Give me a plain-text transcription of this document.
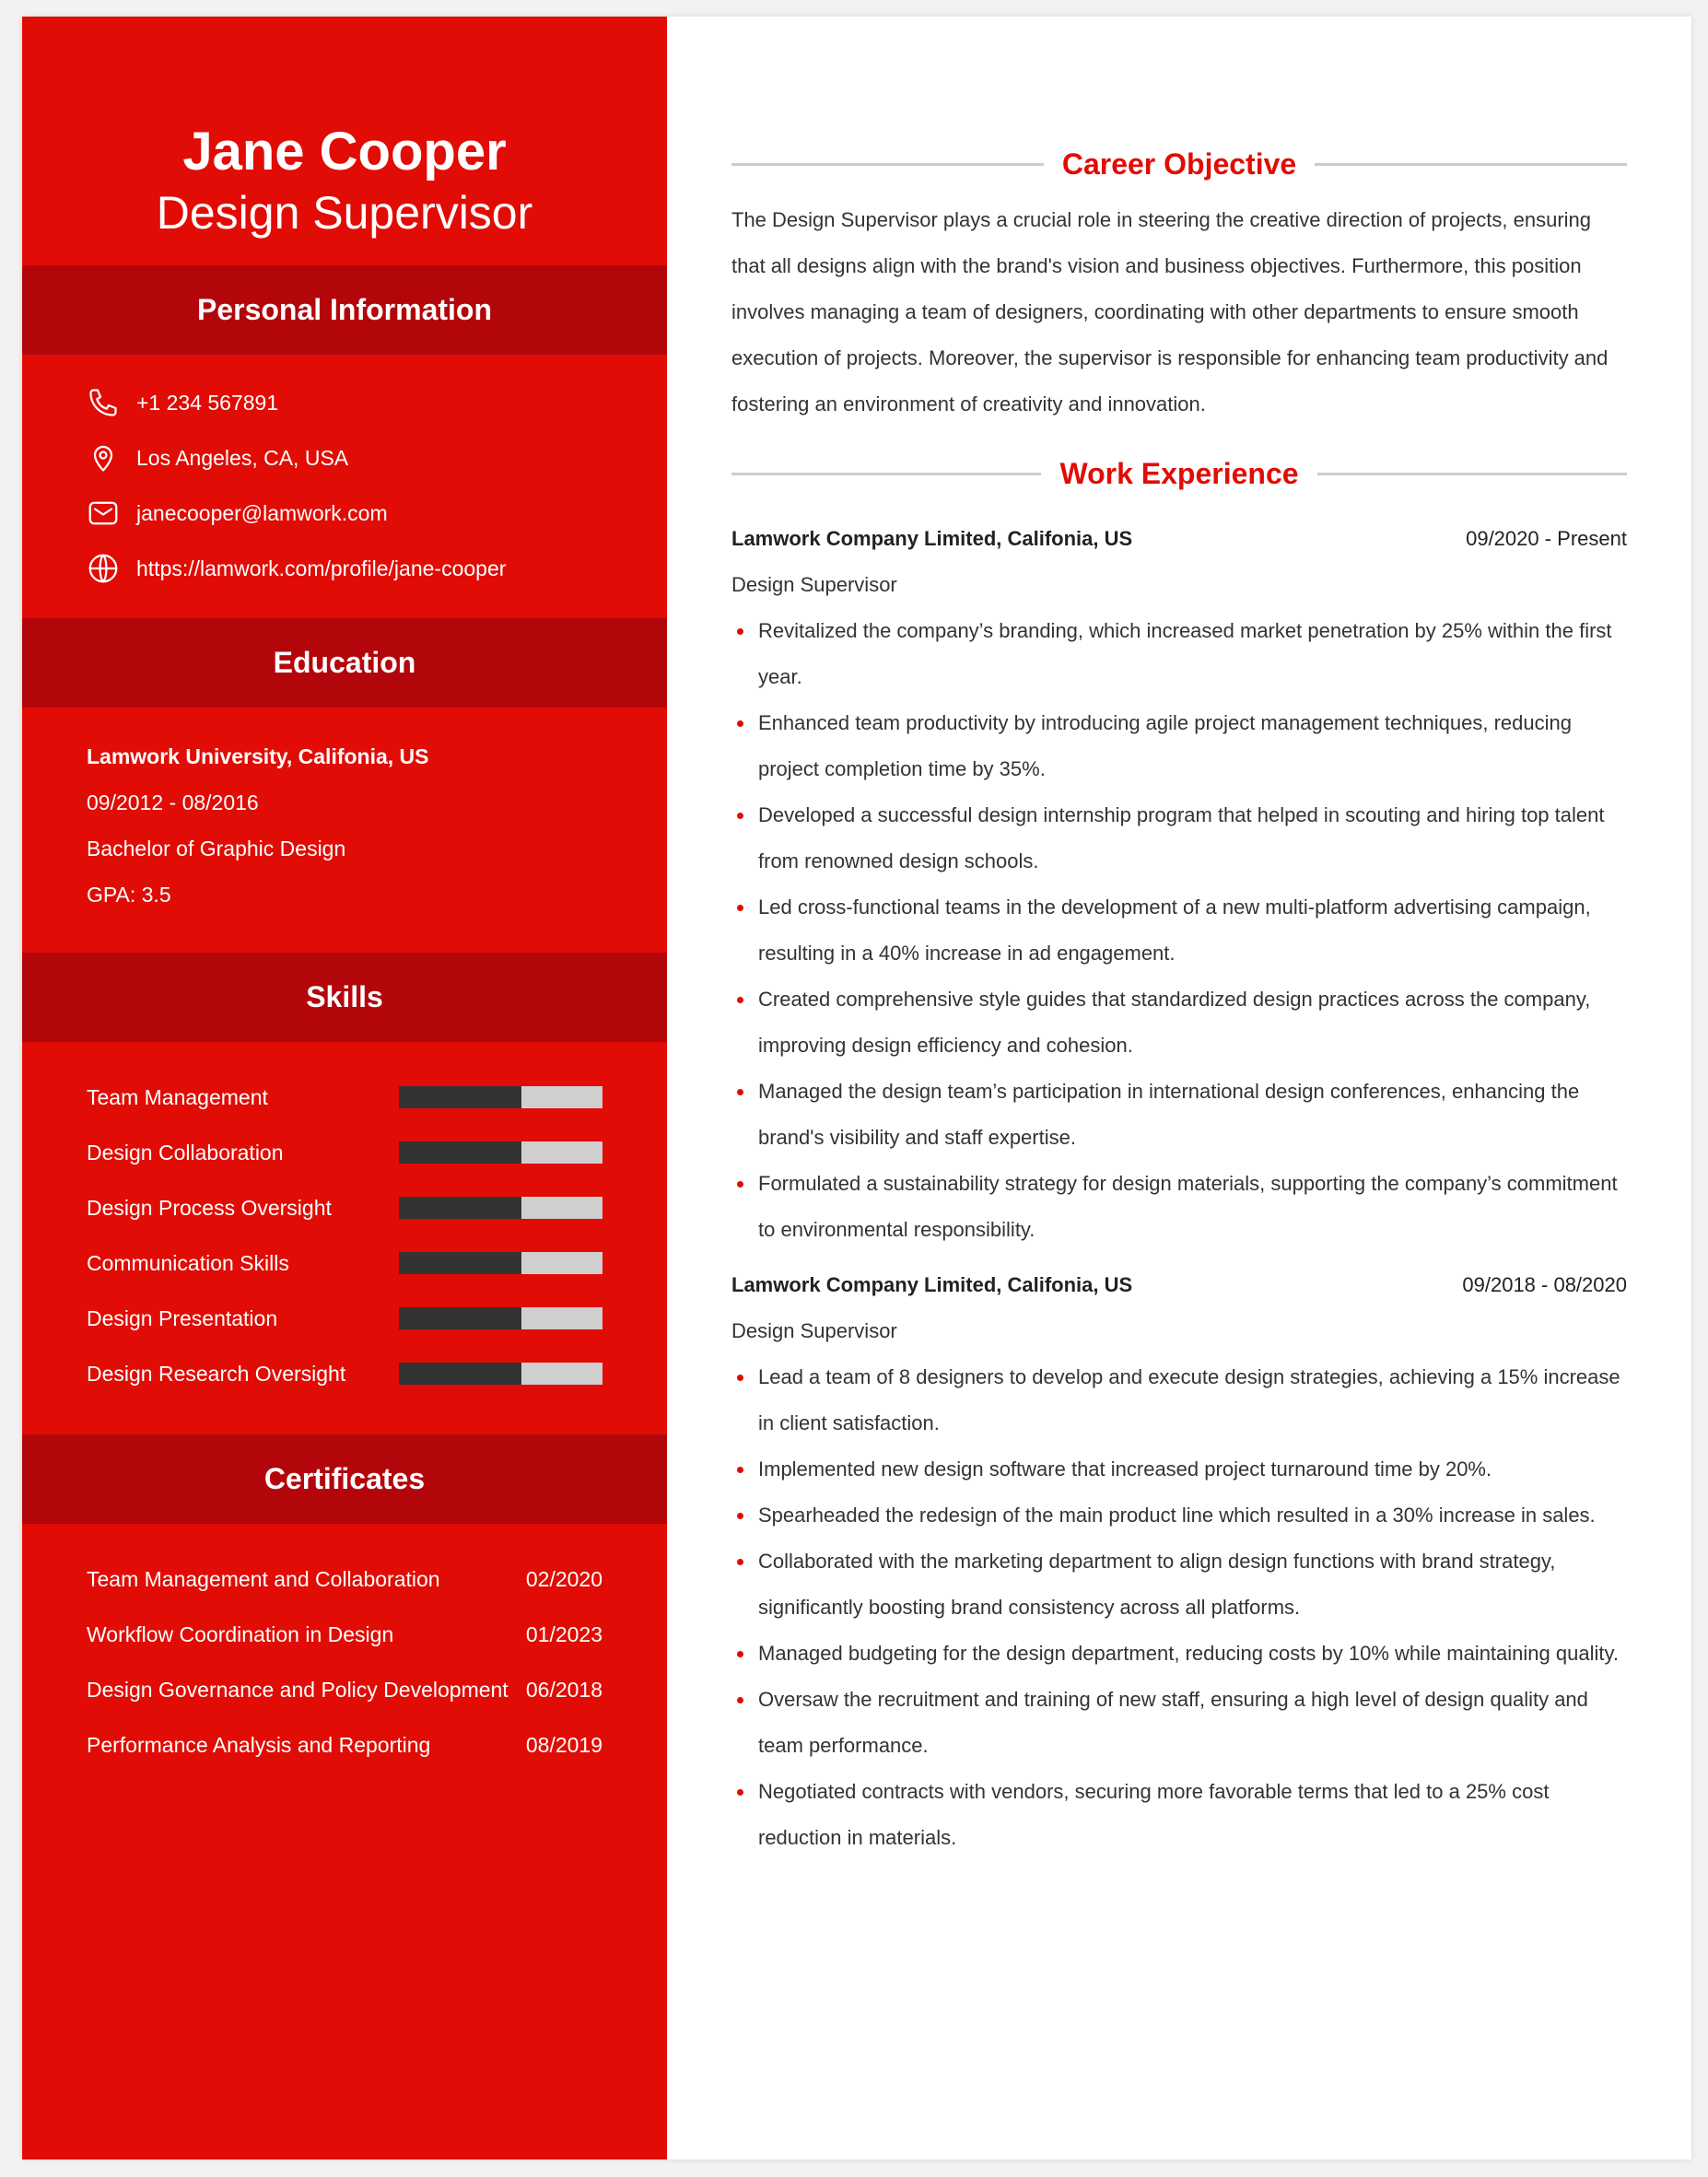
Jane Cooper
Design Supervisor
Personal Information
+1 234 567891
Los Angeles, CA, USA
janecooper@lamwork.com
https://lamwork.com/profile/jane-cooper
Education
Lamwork University, Califonia, US
09/2012 - 08/2016
Bachelor of Graphic Design
GPA: 3.5
Skills
Team Management
Design Collaboration
Design Process Oversight
Communication Skills
Design Presentation
Design Research Oversight
Certificates
Team Management and Collaboration	02/2020
Workflow Coordination in Design	01/2023
Design Governance and Policy Development 06/2018
Performance Analysis and Reporting	08/2019
Career Objective

The Design Supervisor plays a crucial role in steering the creative direction of projects, ensuring that all designs align with the brand's vision and business objectives. Furthermore, this position involves managing a team of designers, coordinating with other departments to ensure smooth execution of projects. Moreover, the supervisor is responsible for enhancing team productivity and fostering an environment of creativity and innovation.

Work Experience
Lamwork Company Limited, Califonia, US	09/2020 - Present
Design Supervisor
Revitalized the company’s branding, which increased market penetration by 25% within the first year.
Enhanced team productivity by introducing agile project management techniques, reducing project completion time by 35%.
Developed a successful design internship program that helped in scouting and hiring top talent from renowned design schools.
Led cross-functional teams in the development of a new multi-platform advertising campaign, resulting in a 40% increase in ad engagement.
Created comprehensive style guides that standardized design practices across the company, improving design efficiency and cohesion.
Managed the design team’s participation in international design conferences, enhancing the brand's visibility and staff expertise.
Formulated a sustainability strategy for design materials, supporting the company’s commitment to environmental responsibility.
Lamwork Company Limited, Califonia, US	09/2018 - 08/2020
Design Supervisor
Lead a team of 8 designers to develop and execute design strategies, achieving a 15% increase in client satisfaction.
Implemented new design software that increased project turnaround time by 20%.
Spearheaded the redesign of the main product line which resulted in a 30% increase in sales.
Collaborated with the marketing department to align design functions with brand strategy, significantly boosting brand consistency across all platforms.
Managed budgeting for the design department, reducing costs by 10% while maintaining quality.
Oversaw the recruitment and training of new staff, ensuring a high level of design quality and team performance.
Negotiated contracts with vendors, securing more favorable terms that led to a 25% cost reduction in materials.
